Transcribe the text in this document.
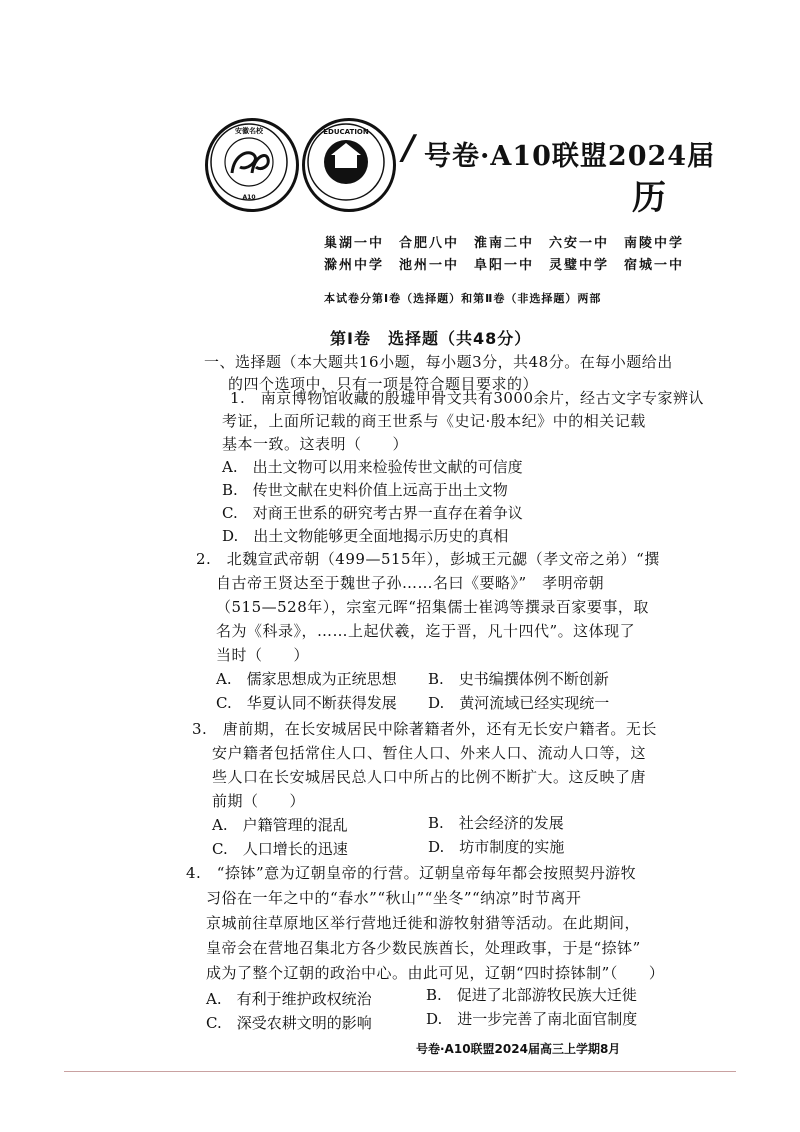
安徽名校
A10
EDUCATION / 号卷·A10联盟2024届
历
巢湖一中　合肥八中　淮南二中　六安一中　南陵中学
滁州中学　池州一中　阜阳一中　灵璧中学　宿城一中
本试卷分第Ⅰ卷（选择题）和第Ⅱ卷（非选择题）两部
第Ⅰ卷　选择题（共48分）
一、选择题（本大题共16小题，每小题3分，共48分。在每小题给出
的四个选项中，只有一项是符合题目要求的）
1.　南京博物馆收藏的殷墟甲骨文共有3000余片，经古文字专家辨认
考证，上面所记载的商王世系与《史记·殷本纪》中的相关记载
基本一致。这表明（　　）
A.　出土文物可以用来检验传世文献的可信度
B.　传世文献在史料价值上远高于出土文物
C.　对商王世系的研究考古界一直存在着争议
D.　出土文物能够更全面地揭示历史的真相
2.　北魏宣武帝朝（499—515年），彭城王元勰（孝文帝之弟）“撰
自古帝王贤达至于魏世子孙……名曰《要略》”　孝明帝朝
（515—528年），宗室元晖“招集儒士崔鸿等撰录百家要事，取
名为《科录》，……上起伏羲，迄于晋，凡十四代”。这体现了
当时（　　）
A.　儒家思想成为正统思想 B.　史书编撰体例不断创新
C.　华夏认同不断获得发展 D.　黄河流域已经实现统一
3.　唐前期，在长安城居民中除著籍者外，还有无长安户籍者。无长
安户籍者包括常住人口、暂住人口、外来人口、流动人口等，这
些人口在长安城居民总人口中所占的比例不断扩大。这反映了唐
前期（　　）
A.　户籍管理的混乱	B.　社会经济的发展
C.　人口增长的迅速	D.　坊市制度的实施
4.　“捺钵”意为辽朝皇帝的行营。辽朝皇帝每年都会按照契丹游牧
习俗在一年之中的“春水”“秋山”“坐冬”“纳凉”时节离开
京城前往草原地区举行营地迁徙和游牧射猎等活动。在此期间，
皇帝会在营地召集北方各少数民族酋长，处理政事，于是“捺钵”
成为了整个辽朝的政治中心。由此可见，辽朝“四时捺钵制”（　　）
A.　有利于维护政权统治	B.　促进了北部游牧民族大迁徙
C.　深受农耕文明的影响	D.　进一步完善了南北面官制度
号卷·A10联盟2024届高三上学期8月
